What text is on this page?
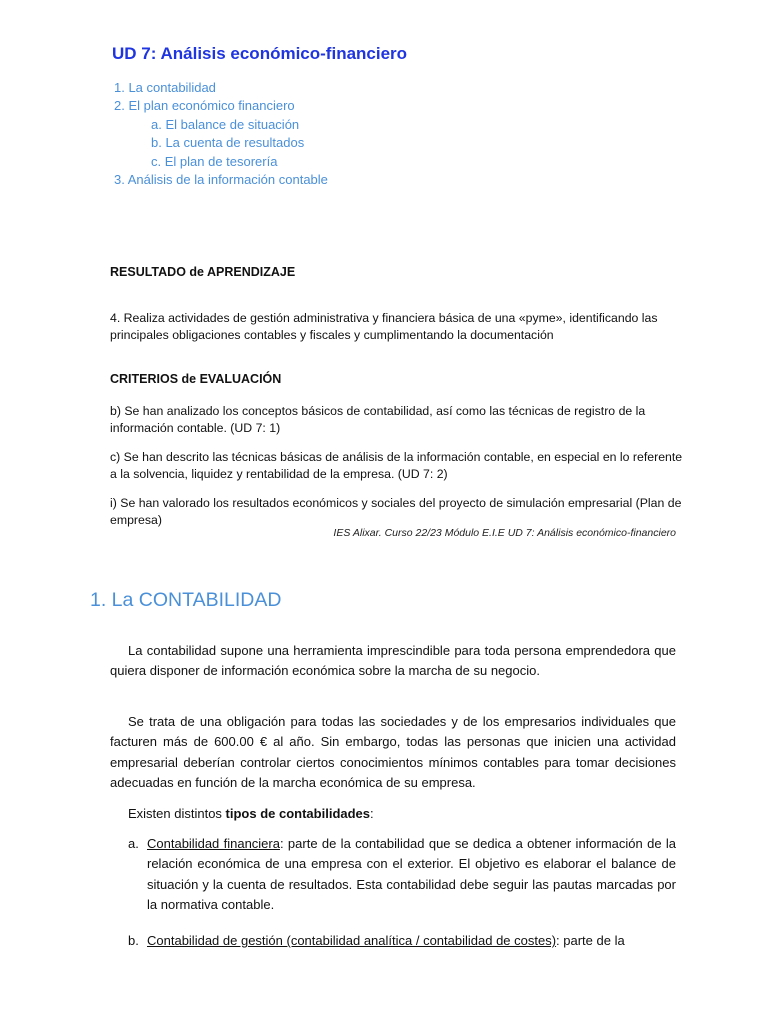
UD 7: Análisis económico-financiero
1. La contabilidad
2. El plan económico financiero
a. El balance de situación
b. La cuenta de resultados
c. El plan de tesorería
3. Análisis de la información contable
RESULTADO de APRENDIZAJE

4. Realiza actividades de gestión administrativa y financiera básica de una «pyme», identificando las principales obligaciones contables y fiscales y cumplimentando la documentación

CRITERIOS de EVALUACIÓN

b) Se han analizado los conceptos básicos de contabilidad, así como las técnicas de registro de la información contable. (UD 7: 1)

c) Se han descrito las técnicas básicas de análisis de la información contable, en especial en lo referente a la solvencia, liquidez y rentabilidad de la empresa. (UD 7: 2)

i) Se han valorado los resultados económicos y sociales del proyecto de simulación empresarial (Plan de empresa)

IES Alixar. Curso 22/23 Módulo E.I.E UD 7: Análisis económico-financiero
1. La CONTABILIDAD

La contabilidad supone una herramienta imprescindible para toda persona emprendedora que quiera disponer de información económica sobre la marcha de su negocio.

Se trata de una obligación para todas las sociedades y de los empresarios individuales que facturen más de 600.00 € al año. Sin embargo, todas las personas que inicien una actividad empresarial deberían controlar ciertos conocimientos mínimos contables para tomar decisiones adecuadas en función de la marcha económica de su empresa.

Existen distintos tipos de contabilidades:

a. Contabilidad financiera: parte de la contabilidad que se dedica a obtener información de la relación económica de una empresa con el exterior. El objetivo es elaborar el balance de situación y la cuenta de resultados. Esta contabilidad debe seguir las pautas marcadas por la normativa contable.
b. Contabilidad de gestión (contabilidad analítica / contabilidad de costes): parte de la
